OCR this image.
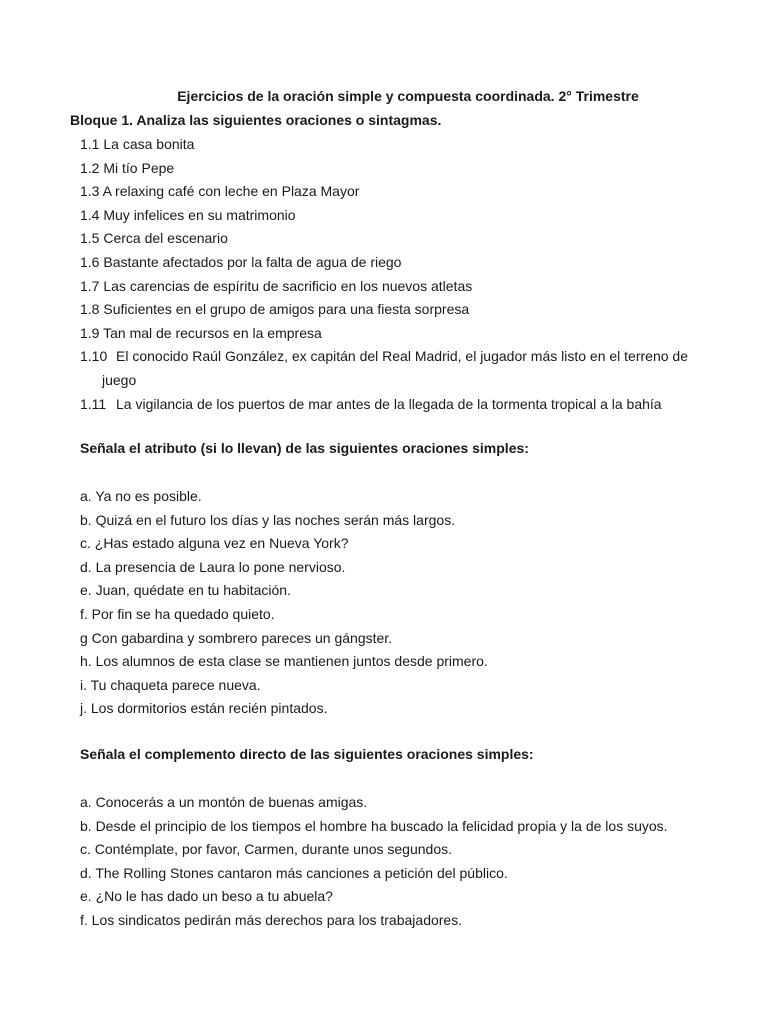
Ejercicios de la oración simple y compuesta coordinada. 2° Trimestre
Bloque 1. Analiza las siguientes oraciones o sintagmas.
1.1 La casa bonita
1.2 Mi tío Pepe
1.3 A relaxing café con leche en Plaza Mayor
1.4 Muy infelices en su matrimonio
1.5 Cerca del escenario
1.6 Bastante afectados por la falta de agua de riego
1.7 Las carencias de espíritu de sacrificio en los nuevos atletas
1.8 Suficientes en el grupo de amigos para una fiesta sorpresa
1.9 Tan mal de recursos en la empresa
1.10 El conocido Raúl González, ex capitán del Real Madrid, el jugador más listo en el terreno de
juego
1.11 La vigilancia de los puertos de mar antes de la llegada de la tormenta tropical a la bahía

Señala el atributo (si lo llevan) de las siguientes oraciones simples:

a. Ya no es posible.
b. Quizá en el futuro los días y las noches serán más largos.
c. ¿Has estado alguna vez en Nueva York?
d. La presencia de Laura lo pone nervioso.
e. Juan, quédate en tu habitación.
f. Por fin se ha quedado quieto.
g Con gabardina y sombrero pareces un gángster.
h. Los alumnos de esta clase se mantienen juntos desde primero.
i. Tu chaqueta parece nueva.
j. Los dormitorios están recién pintados.

Señala el complemento directo de las siguientes oraciones simples:

a. Conocerás a un montón de buenas amigas.
b. Desde el principio de los tiempos el hombre ha buscado la felicidad propia y la de los suyos.
c. Contémplate, por favor, Carmen, durante unos segundos.
d. The Rolling Stones cantaron más canciones a petición del público.
e. ¿No le has dado un beso a tu abuela?
f. Los sindicatos pedirán más derechos para los trabajadores.
